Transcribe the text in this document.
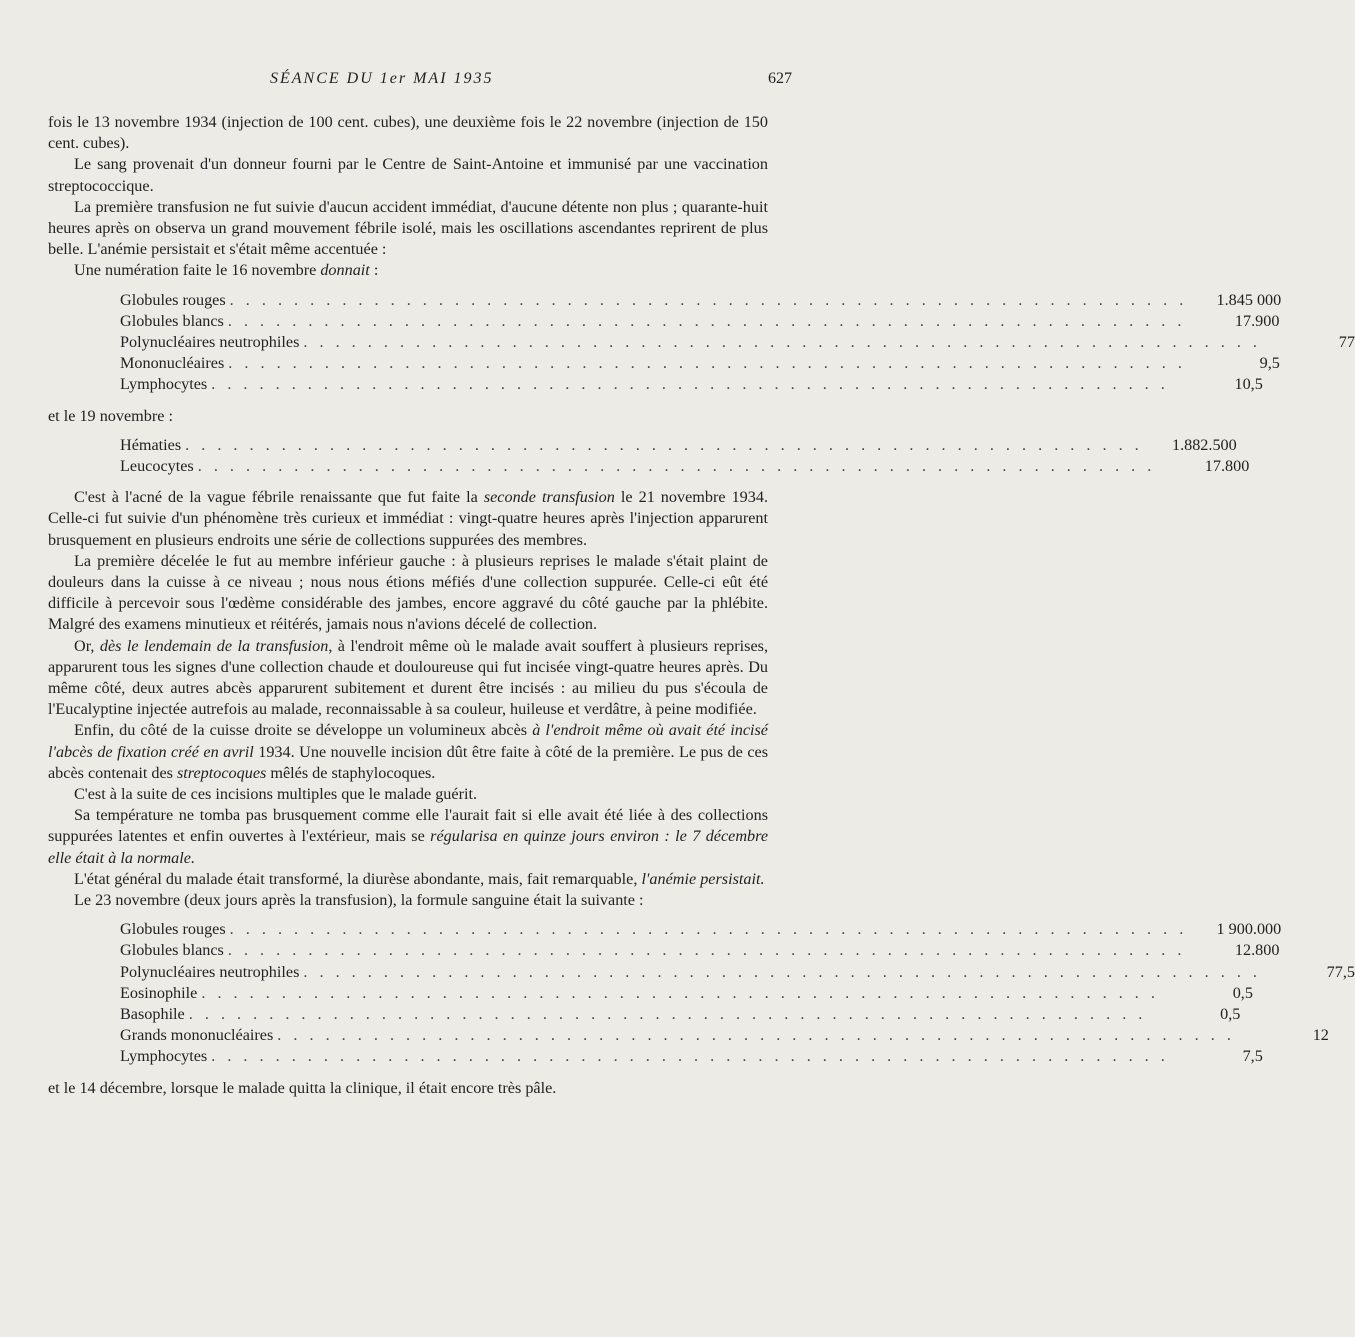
SÉANCE DU 1er MAI 1935	627

fois le 13 novembre 1934 (injection de 100 cent. cubes), une deuxième fois le 22 novembre (injection de 150 cent. cubes).

Le sang provenait d'un donneur fourni par le Centre de Saint-Antoine et immunisé par une vaccination streptococcique.

La première transfusion ne fut suivie d'aucun accident immédiat, d'aucune détente non plus ; quarante-huit heures après on observa un grand mouvement fébrile isolé, mais les oscillations ascendantes reprirent de plus belle. L'anémie persistait et s'était même accentuée :

Une numération faite le 16 novembre donnait :

Globules rouges . . . . . . . . . . . . . . . . . . . . . . . . . . . . . . . . . . . . . . . . . . . . . . . . . . . . . . . . . . . .	1.845 000
Globules blancs . . . . . . . . . . . . . . . . . . . . . . . . . . . . . . . . . . . . . . . . . . . . . . . . . . . . . . . . . . . .	17.900
Polynucléaires neutrophiles . . . . . . . . . . . . . . . . . . . . . . . . . . . . . . . . . . . . . . . . . . . . . . . . . . . . . . . . . . . .	77
Mononucléaires . . . . . . . . . . . . . . . . . . . . . . . . . . . . . . . . . . . . . . . . . . . . . . . . . . . . . . . . . . . .	9,5
Lymphocytes . . . . . . . . . . . . . . . . . . . . . . . . . . . . . . . . . . . . . . . . . . . . . . . . . . . . . . . . . . . .	10,5

et le 19 novembre :

Hématies . . . . . . . . . . . . . . . . . . . . . . . . . . . . . . . . . . . . . . . . . . . . . . . . . . . . . . . . . . . .	1.882.500
Leucocytes . . . . . . . . . . . . . . . . . . . . . . . . . . . . . . . . . . . . . . . . . . . . . . . . . . . . . . . . . . . .	17.800

C'est à l'acné de la vague fébrile renaissante que fut faite la seconde transfusion le 21 novembre 1934. Celle-ci fut suivie d'un phénomène très curieux et immédiat : vingt-quatre heures après l'injection apparurent brusquement en plusieurs endroits une série de collections suppurées des membres.

La première décelée le fut au membre inférieur gauche : à plusieurs reprises le malade s'était plaint de douleurs dans la cuisse à ce niveau ; nous nous étions méfiés d'une collection suppurée. Celle-ci eût été difficile à percevoir sous l'œdème considérable des jambes, encore aggravé du côté gauche par la phlébite. Malgré des examens minutieux et réitérés, jamais nous n'avions décelé de collection.

Or, dès le lendemain de la transfusion, à l'endroit même où le malade avait souffert à plusieurs reprises, apparurent tous les signes d'une collection chaude et douloureuse qui fut incisée vingt-quatre heures après. Du même côté, deux autres abcès apparurent subitement et durent être incisés : au milieu du pus s'écoula de l'Eucalyptine injectée autrefois au malade, reconnaissable à sa couleur, huileuse et verdâtre, à peine modifiée.

Enfin, du côté de la cuisse droite se développe un volumineux abcès à l'endroit même où avait été incisé l'abcès de fixation créé en avril 1934. Une nouvelle incision dût être faite à côté de la première. Le pus de ces abcès contenait des streptocoques mêlés de staphylocoques.

C'est à la suite de ces incisions multiples que le malade guérit.

Sa température ne tomba pas brusquement comme elle l'aurait fait si elle avait été liée à des collections suppurées latentes et enfin ouvertes à l'extérieur, mais se régularisa en quinze jours environ : le 7 décembre elle était à la normale.

L'état général du malade était transformé, la diurèse abondante, mais, fait remarquable, l'anémie persistait.

Le 23 novembre (deux jours après la transfusion), la formule sanguine était la suivante :

Globules rouges . . . . . . . . . . . . . . . . . . . . . . . . . . . . . . . . . . . . . . . . . . . . . . . . . . . . . . . . . . . .	1 900.000
Globules blancs . . . . . . . . . . . . . . . . . . . . . . . . . . . . . . . . . . . . . . . . . . . . . . . . . . . . . . . . . . . .	12.800
Polynucléaires neutrophiles . . . . . . . . . . . . . . . . . . . . . . . . . . . . . . . . . . . . . . . . . . . . . . . . . . . . . . . . . . . .	77,5
Eosinophile . . . . . . . . . . . . . . . . . . . . . . . . . . . . . . . . . . . . . . . . . . . . . . . . . . . . . . . . . . . .	0,5
Basophile . . . . . . . . . . . . . . . . . . . . . . . . . . . . . . . . . . . . . . . . . . . . . . . . . . . . . . . . . . . .	0,5
Grands mononucléaires . . . . . . . . . . . . . . . . . . . . . . . . . . . . . . . . . . . . . . . . . . . . . . . . . . . . . . . . . . . .	12
Lymphocytes . . . . . . . . . . . . . . . . . . . . . . . . . . . . . . . . . . . . . . . . . . . . . . . . . . . . . . . . . . . .	7,5

et le 14 décembre, lorsque le malade quitta la clinique, il était encore très pâle.
